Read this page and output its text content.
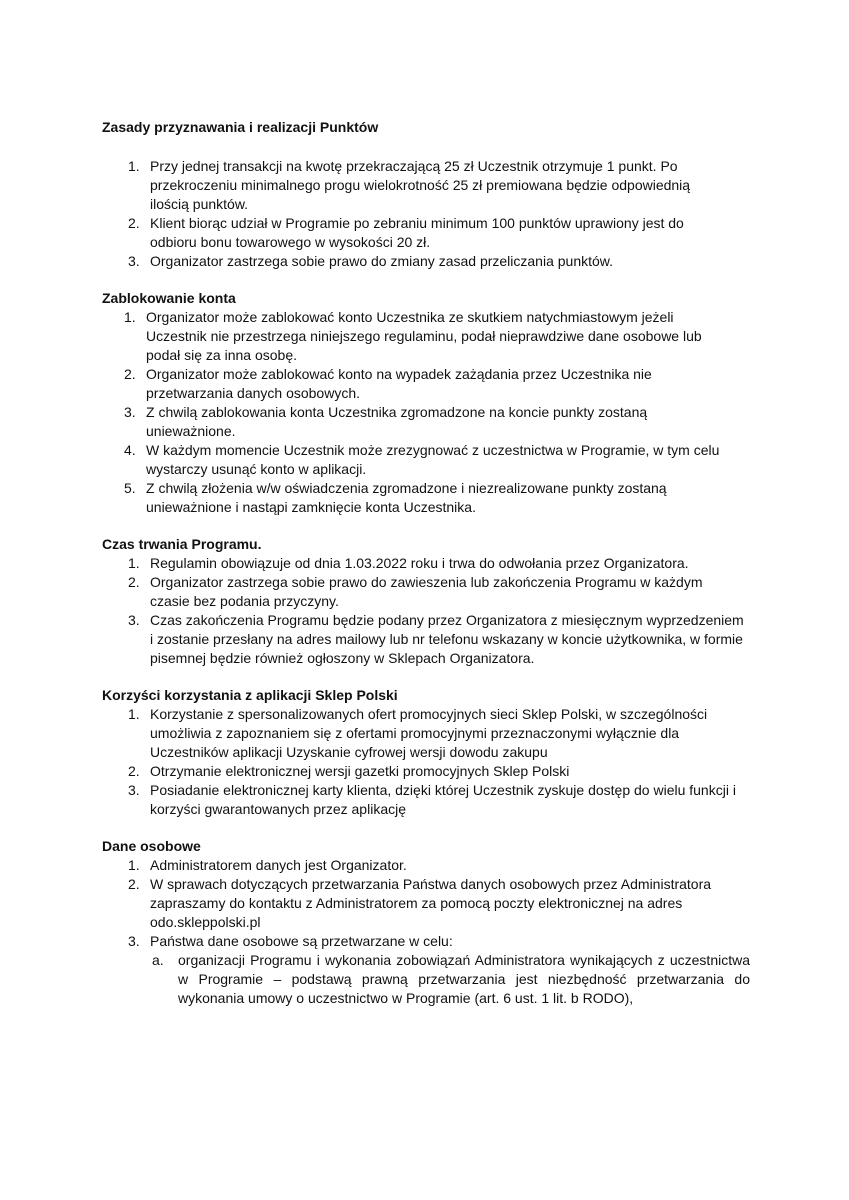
Zasady przyznawania i realizacji Punktów

1. Przy jednej transakcji na kwotę przekraczającą 25 zł Uczestnik otrzymuje 1 punkt. Po przekroczeniu minimalnego progu wielokrotność 25 zł premiowana będzie odpowiednią ilością punktów.
2. Klient biorąc udział w Programie po zebraniu minimum 100 punktów uprawiony jest do odbioru bonu towarowego w wysokości 20 zł.
3. Organizator zastrzega sobie prawo do zmiany zasad przeliczania punktów.

Zablokowanie konta

1. Organizator może zablokować konto Uczestnika ze skutkiem natychmiastowym jeżeli Uczestnik nie przestrzega niniejszego regulaminu, podał nieprawdziwe dane osobowe lub podał się za inna osobę.
2. Organizator może zablokować konto na wypadek zażądania przez Uczestnika nie przetwarzania danych osobowych.
3. Z chwilą zablokowania konta Uczestnika zgromadzone na koncie punkty zostaną unieważnione.
4. W każdym momencie Uczestnik może zrezygnować z uczestnictwa w Programie, w tym celu wystarczy usunąć konto w aplikacji.
5. Z chwilą złożenia w/w oświadczenia zgromadzone i niezrealizowane punkty zostaną unieważnione i nastąpi zamknięcie konta Uczestnika.

Czas trwania Programu.

1. Regulamin obowiązuje od dnia 1.03.2022 roku i trwa do odwołania przez Organizatora.
2. Organizator zastrzega sobie prawo do zawieszenia lub zakończenia Programu w każdym czasie bez podania przyczyny.
3. Czas zakończenia Programu będzie podany przez Organizatora z miesięcznym wyprzedzeniem i zostanie przesłany na adres mailowy lub nr telefonu wskazany w koncie użytkownika, w formie pisemnej będzie również ogłoszony w Sklepach Organizatora.

Korzyści korzystania z aplikacji Sklep Polski

1. Korzystanie z spersonalizowanych ofert promocyjnych sieci Sklep Polski, w szczególności umożliwia z zapoznaniem się z ofertami promocyjnymi przeznaczonymi wyłącznie dla Uczestników aplikacji Uzyskanie cyfrowej wersji dowodu zakupu
2. Otrzymanie elektronicznej wersji gazetki promocyjnych Sklep Polski
3. Posiadanie elektronicznej karty klienta, dzięki której Uczestnik zyskuje dostęp do wielu funkcji i korzyści gwarantowanych przez aplikację

Dane osobowe

1. Administratorem danych jest Organizator.
2. W sprawach dotyczących przetwarzania Państwa danych osobowych przez Administratora zapraszamy do kontaktu z Administratorem za pomocą poczty elektronicznej na adres odo.skleppolski.pl
3. Państwa dane osobowe są przetwarzane w celu:
a. organizacji Programu i wykonania zobowiązań Administratora wynikających z uczestnictwa w Programie – podstawą prawną przetwarzania jest niezbędność przetwarzania do wykonania umowy o uczestnictwo w Programie (art. 6 ust. 1 lit. b RODO),
